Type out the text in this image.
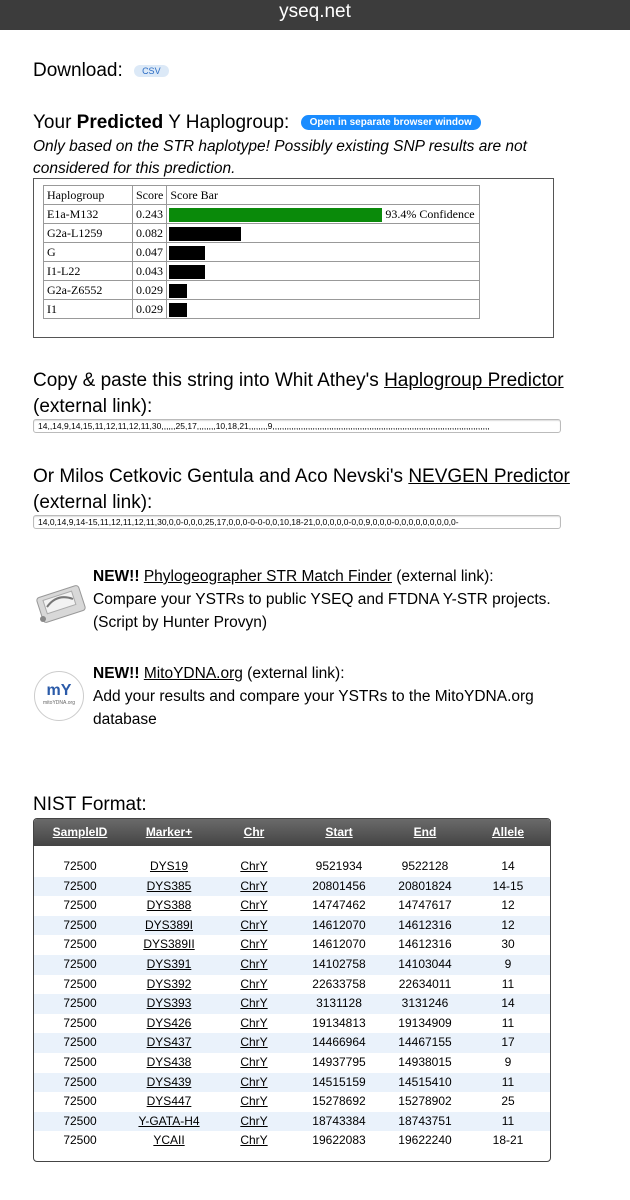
yseq.net
Download: CSV
Your Predicted Y Haplogroup: Open in separate browser window
Only based on the STR haplotype! Possibly existing SNP results are not considered for this prediction.
Haplogroup	Score	Score Bar
E1a-M132	0.243	93.4% Confidence

G2a-L1259	0.082	

G	0.047	

I1-L22	0.043	

G2a-Z6552	0.029	

I1	0.029	
Copy & paste this string into Whit Athey's Haplogroup Predictor (external link):
14,,14,9,14,15,11,12,11,12,11,30,,,,,,25,17,,,,,,,,10,18,21,,,,,,,,9,,,,,,,,,,,,,,,,,,,,,,,,,,,,,,,,,,,,,,,,,,,,,,,,,,,,,,,,,,,,,,,,,,,,,,,,,,,,,,,,,,,,,,,,,,,,
Or Milos Cetkovic Gentula and Aco Nevski's NEVGEN Predictor (external link):
14,0,14,9,14-15,11,12,11,12,11,30,0,0-0,0,0,25,17,0,0,0-0-0-0,0,10,18-21,0,0,0,0,0-0,0,9,0,0,0-0,0,0,0,0,0,0,0,0-
NEW!! Phylogeographer STR Match Finder (external link):
Compare your YSTRs to public YSEQ and FTDNA Y-STR projects. (Script by Hunter Provyn)
mY
mitoYDNA.org
NEW!! MitoYDNA.org (external link):
Add your results and compare your YSTRs to the MitoYDNA.org database
NIST Format:
SampleID	Marker+	Chr	Start	End	Allele
72500	DYS19	ChrY	9521934	9522128	14
72500	DYS385	ChrY	20801456	20801824	14-15
72500	DYS388	ChrY	14747462	14747617	12
72500	DYS389I	ChrY	14612070	14612316	12
72500	DYS389II	ChrY	14612070	14612316	30
72500	DYS391	ChrY	14102758	14103044	9
72500	DYS392	ChrY	22633758	22634011	11
72500	DYS393	ChrY	3131128	3131246	14
72500	DYS426	ChrY	19134813	19134909	11
72500	DYS437	ChrY	14466964	14467155	17
72500	DYS438	ChrY	14937795	14938015	9
72500	DYS439	ChrY	14515159	14515410	11
72500	DYS447	ChrY	15278692	15278902	25
72500	Y-GATA-H4	ChrY	18743384	18743751	11
72500	YCAII	ChrY	19622083	19622240	18-21
